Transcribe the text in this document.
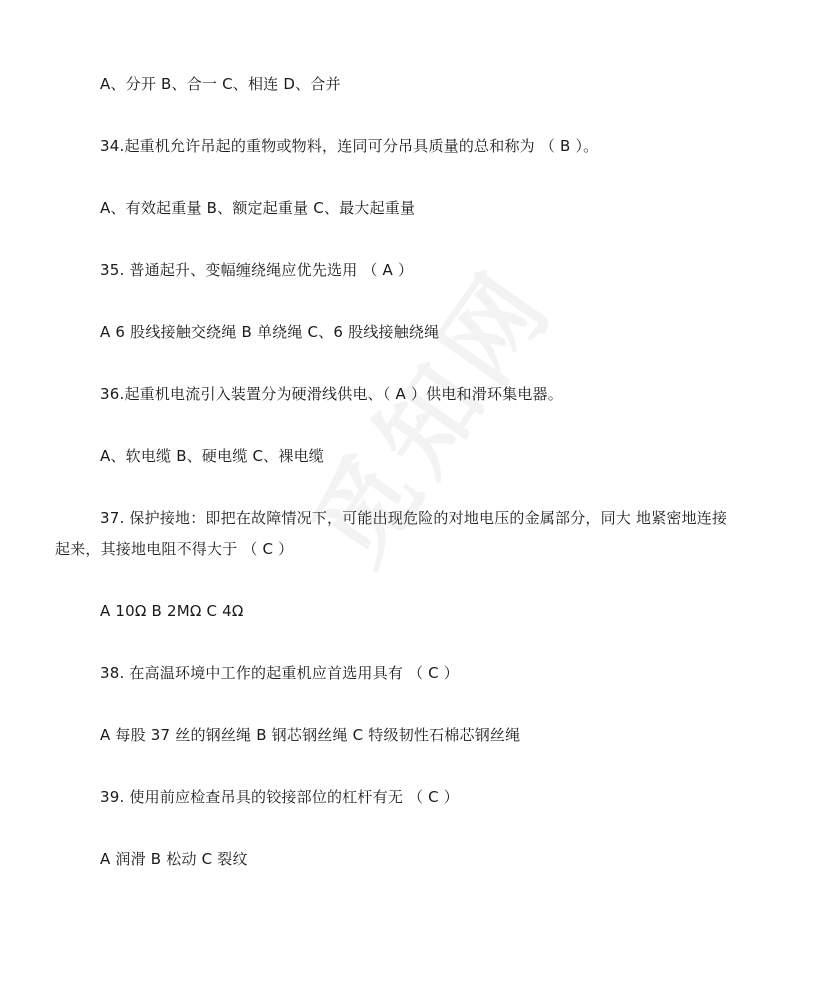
A、分开 B、合一 C、相连 D、合并
34.起重机允许吊起的重物或物料，连同可分吊具质量的总和称为 （ B ）。
A、有效起重量 B、额定起重量 C、最大起重量
35. 普通起升、变幅缠绕绳应优先选用 （ A ）
A 6 股线接触交绕绳 B 单绕绳 C、6 股线接触绕绳
36.起重机电流引入装置分为硬滑线供电、（ A ）供电和滑环集电器。
A、软电缆 B、硬电缆 C、裸电缆
37. 保护接地：即把在故障情况下，可能出现危险的对地电压的金属部分，同大 地紧密地连接
起来，其接地电阻不得大于 （ C ）
A 10Ω B 2MΩ C 4Ω
38. 在高温环境中工作的起重机应首选用具有 （ C ）
A 每股 37 丝的钢丝绳 B 钢芯钢丝绳 C 特级韧性石棉芯钢丝绳
39. 使用前应检查吊具的铰接部位的杠杆有无 （ C ）
A 润滑 B 松动 C 裂纹
